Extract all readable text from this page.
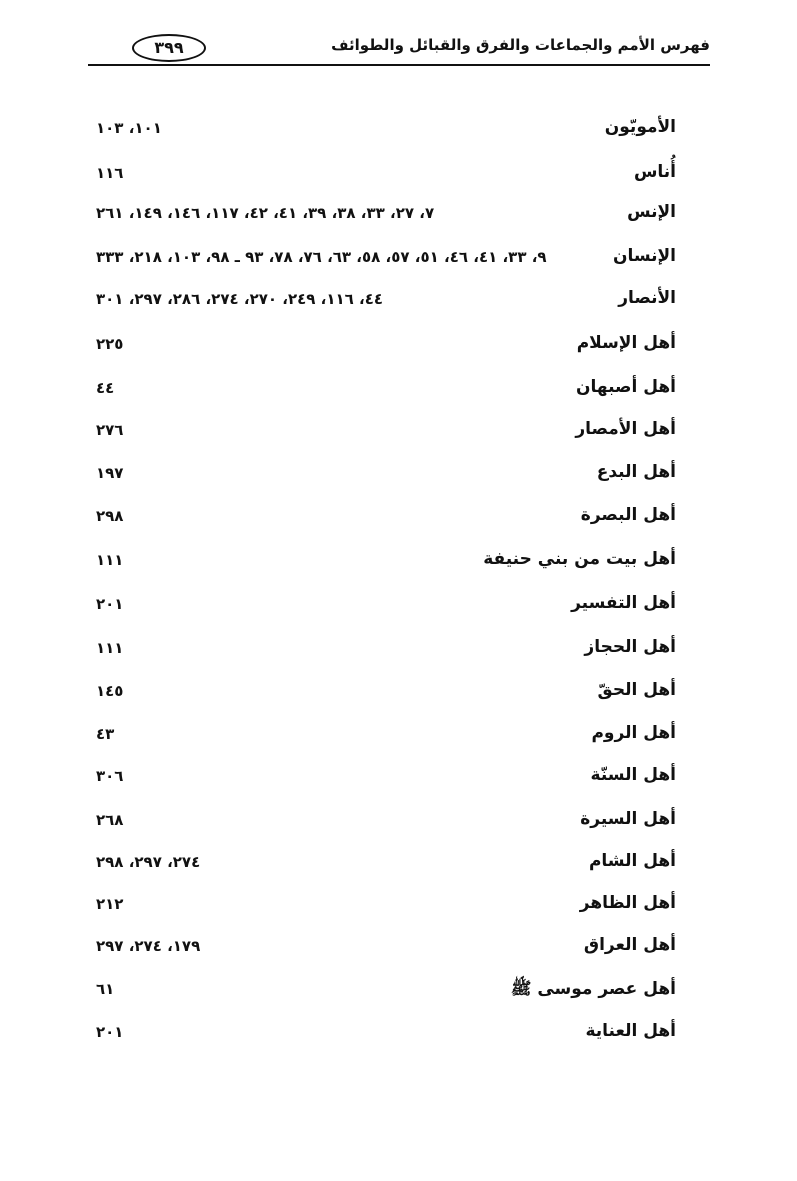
فهرس الأمم والجماعات والفرق والقبائل والطوائف
٣٩٩
الأمويّون
١٠١، ١٠٣
أُناس
١١٦
الإنس
٧، ٢٧، ٣٣، ٣٨، ٣٩، ٤١، ٤٢، ١١٧، ١٤٦، ١٤٩، ٢٦١
الإنسان
٩، ٣٣، ٤١، ٤٦، ٥١، ٥٧، ٥٨، ٦٣، ٧٦، ٧٨، ٩٣ ـ ٩٨، ١٠٣، ٢١٨، ٣٣٣
الأنصار
٤٤، ١١٦، ٢٤٩، ٢٧٠، ٢٧٤، ٢٨٦، ٢٩٧، ٣٠١
أهل الإسلام
٢٢٥
أهل أصبهان
٤٤
أهل الأمصار
٢٧٦
أهل البدع
١٩٧
أهل البصرة
٢٩٨
أهل بيت من بني حنيفة
١١١
أهل التفسير
٢٠١
أهل الحجاز
١١١
أهل الحقّ
١٤٥
أهل الروم
٤٣
أهل السنّة
٣٠٦
أهل السيرة
٢٦٨
أهل الشام
٢٧٤، ٢٩٧، ٢٩٨
أهل الظاهر
٢١٢
أهل العراق
١٧٩، ٢٧٤، ٢٩٧
أهل عصر موسى ﷺ
٦١
أهل العناية
٢٠١
